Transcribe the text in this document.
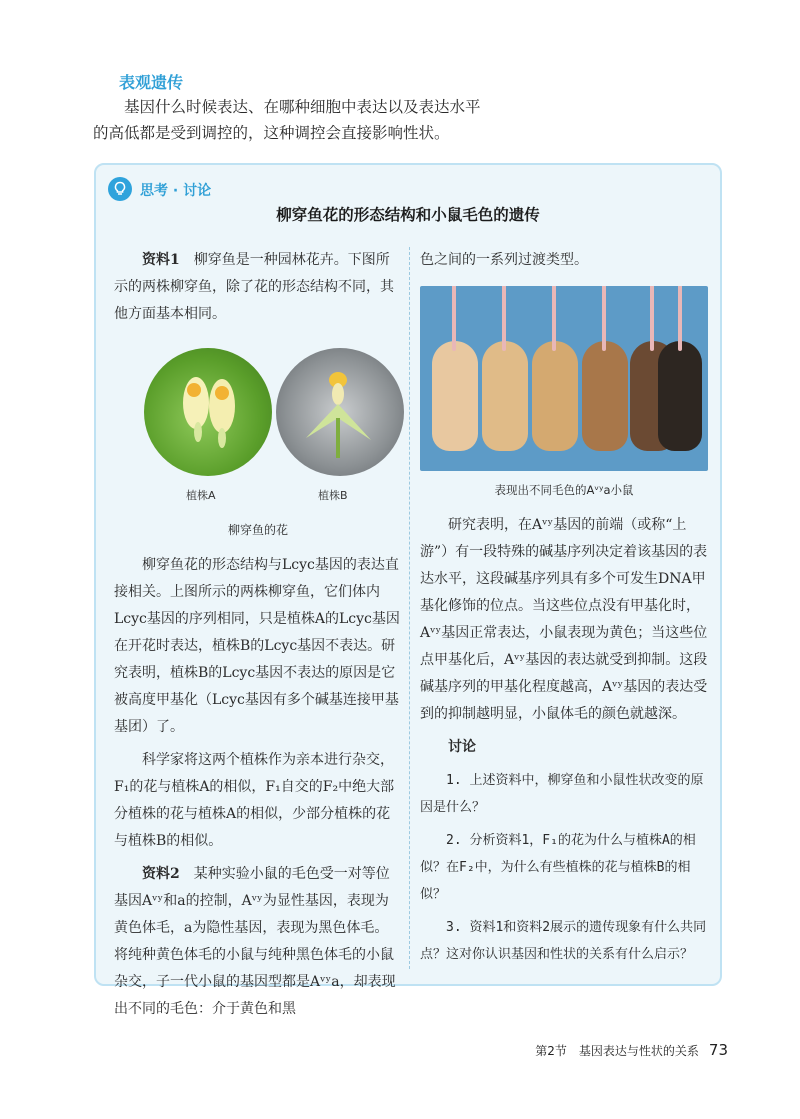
表观遗传
基因什么时候表达、在哪种细胞中表达以及表达水平
的高低都是受到调控的，这种调控会直接影响性状。
思考 · 讨论
柳穿鱼花的形态结构和小鼠毛色的遗传

资料1　 柳穿鱼是一种园林花卉。下图所示的两株柳穿鱼，除了花的形态结构不同，其他方面基本相同。

植株A	植株B
柳穿鱼的花

柳穿鱼花的形态结构与Lcyc基因的表达直接相关。上图所示的两株柳穿鱼，它们体内Lcyc基因的序列相同，只是植株A的Lcyc基因在开花时表达，植株B的Lcyc基因不表达。研究表明，植株B的Lcyc基因不表达的原因是它被高度甲基化（Lcyc基因有多个碱基连接甲基基团）了。

科学家将这两个植株作为亲本进行杂交，F₁的花与植株A的相似，F₁自交的F₂中绝大部分植株的花与植株A的相似，少部分植株的花与植株B的相似。

资料2　 某种实验小鼠的毛色受一对等位基因Aᵛʸ和a的控制，Aᵛʸ为显性基因，表现为黄色体毛，a为隐性基因，表现为黑色体毛。将纯种黄色体毛的小鼠与纯种黑色体毛的小鼠杂交，子一代小鼠的基因型都是Aᵛʸa，却表现出不同的毛色：介于黄色和黑

色之间的一系列过渡类型。

表现出不同毛色的Aᵛʸa小鼠

研究表明，在Aᵛʸ基因的前端（或称“上游”）有一段特殊的碱基序列决定着该基因的表达水平，这段碱基序列具有多个可发生DNA甲基化修饰的位点。当这些位点没有甲基化时，Aᵛʸ基因正常表达，小鼠表现为黄色；当这些位点甲基化后，Aᵛʸ基因的表达就受到抑制。这段碱基序列的甲基化程度越高，Aᵛʸ基因的表达受到的抑制越明显，小鼠体毛的颜色就越深。

讨论

1. 上述资料中，柳穿鱼和小鼠性状改变的原因是什么？

2. 分析资料1，F₁的花为什么与植株A的相似？在F₂中，为什么有些植株的花与植株B的相似？

3. 资料1和资料2展示的遗传现象有什么共同点？这对你认识基因和性状的关系有什么启示？

第2节　基因表达与性状的关系 73
